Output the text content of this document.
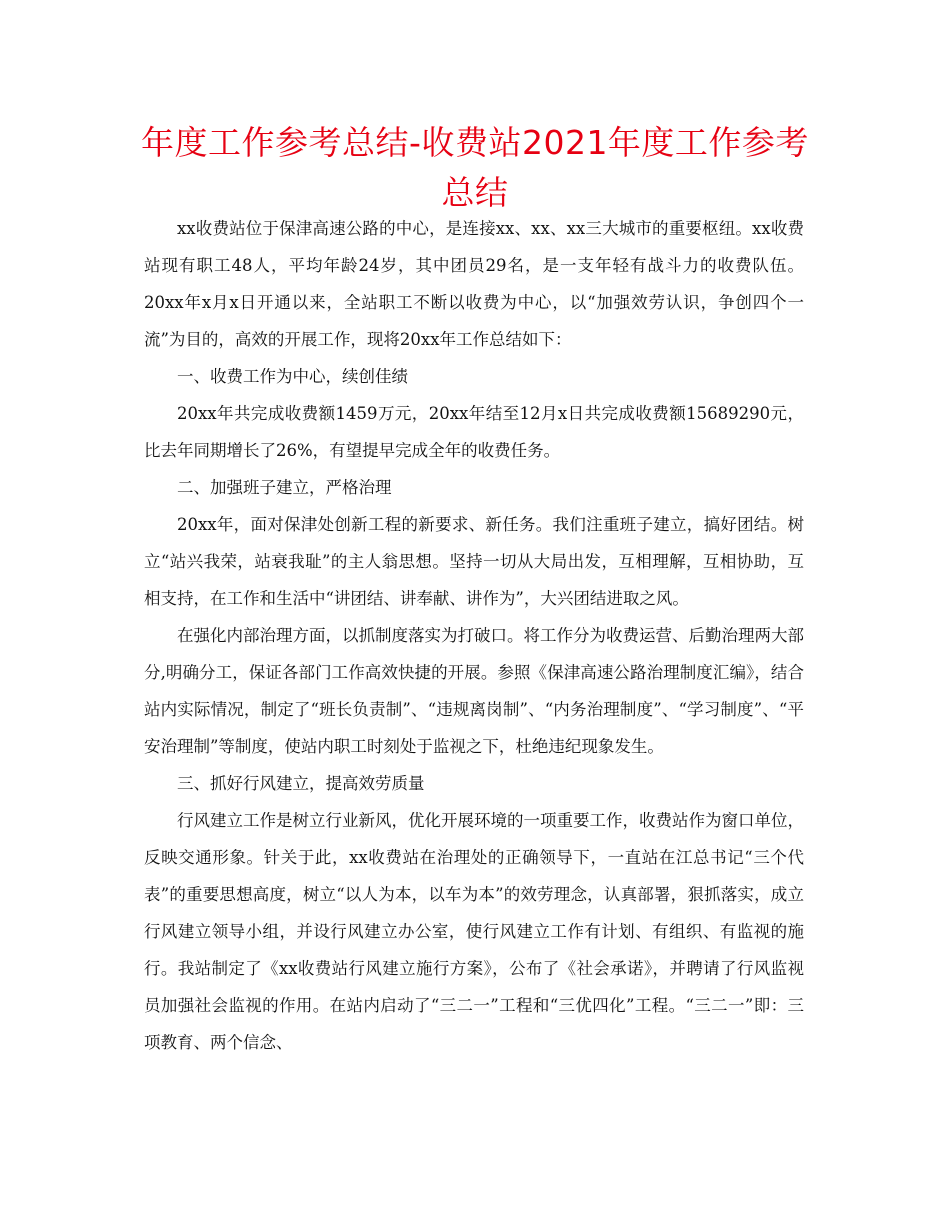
年度工作参考总结-收费站2021年度工作参考总结

xx收费站位于保津高速公路的中心，是连接xx、xx、xx三大城市的重要枢纽。xx收费站现有职工48人，平均年龄24岁，其中团员29名，是一支年轻有战斗力的收费队伍。20xx年x月x日开通以来，全站职工不断以收费为中心，以“加强效劳认识，争创四个一流”为目的，高效的开展工作，现将20xx年工作总结如下：

一、收费工作为中心，续创佳绩

20xx年共完成收费额1459万元，20xx年结至12月x日共完成收费额15689290元，比去年同期增长了26%，有望提早完成全年的收费任务。

二、加强班子建立，严格治理

20xx年，面对保津处创新工程的新要求、新任务。我们注重班子建立，搞好团结。树立“站兴我荣，站衰我耻”的主人翁思想。坚持一切从大局出发，互相理解，互相协助，互相支持，在工作和生活中“讲团结、讲奉献、讲作为”，大兴团结进取之风。

在强化内部治理方面，以抓制度落实为打破口。将工作分为收费运营、后勤治理两大部分,明确分工，保证各部门工作高效快捷的开展。参照《保津高速公路治理制度汇编》，结合站内实际情况，制定了“班长负责制”、“违规离岗制”、“内务治理制度”、“学习制度”、“平安治理制”等制度，使站内职工时刻处于监视之下，杜绝违纪现象发生。

三、抓好行风建立，提高效劳质量

行风建立工作是树立行业新风，优化开展环境的一项重要工作，收费站作为窗口单位，反映交通形象。针关于此，xx收费站在治理处的正确领导下，一直站在江总书记“三个代表”的重要思想高度，树立“以人为本，以车为本”的效劳理念，认真部署，狠抓落实，成立行风建立领导小组，并设行风建立办公室，使行风建立工作有计划、有组织、有监视的施行。我站制定了《xx收费站行风建立施行方案》，公布了《社会承诺》，并聘请了行风监视员加强社会监视的作用。在站内启动了“三二一”工程和“三优四化”工程。“三二一”即：三项教育、两个信念、
